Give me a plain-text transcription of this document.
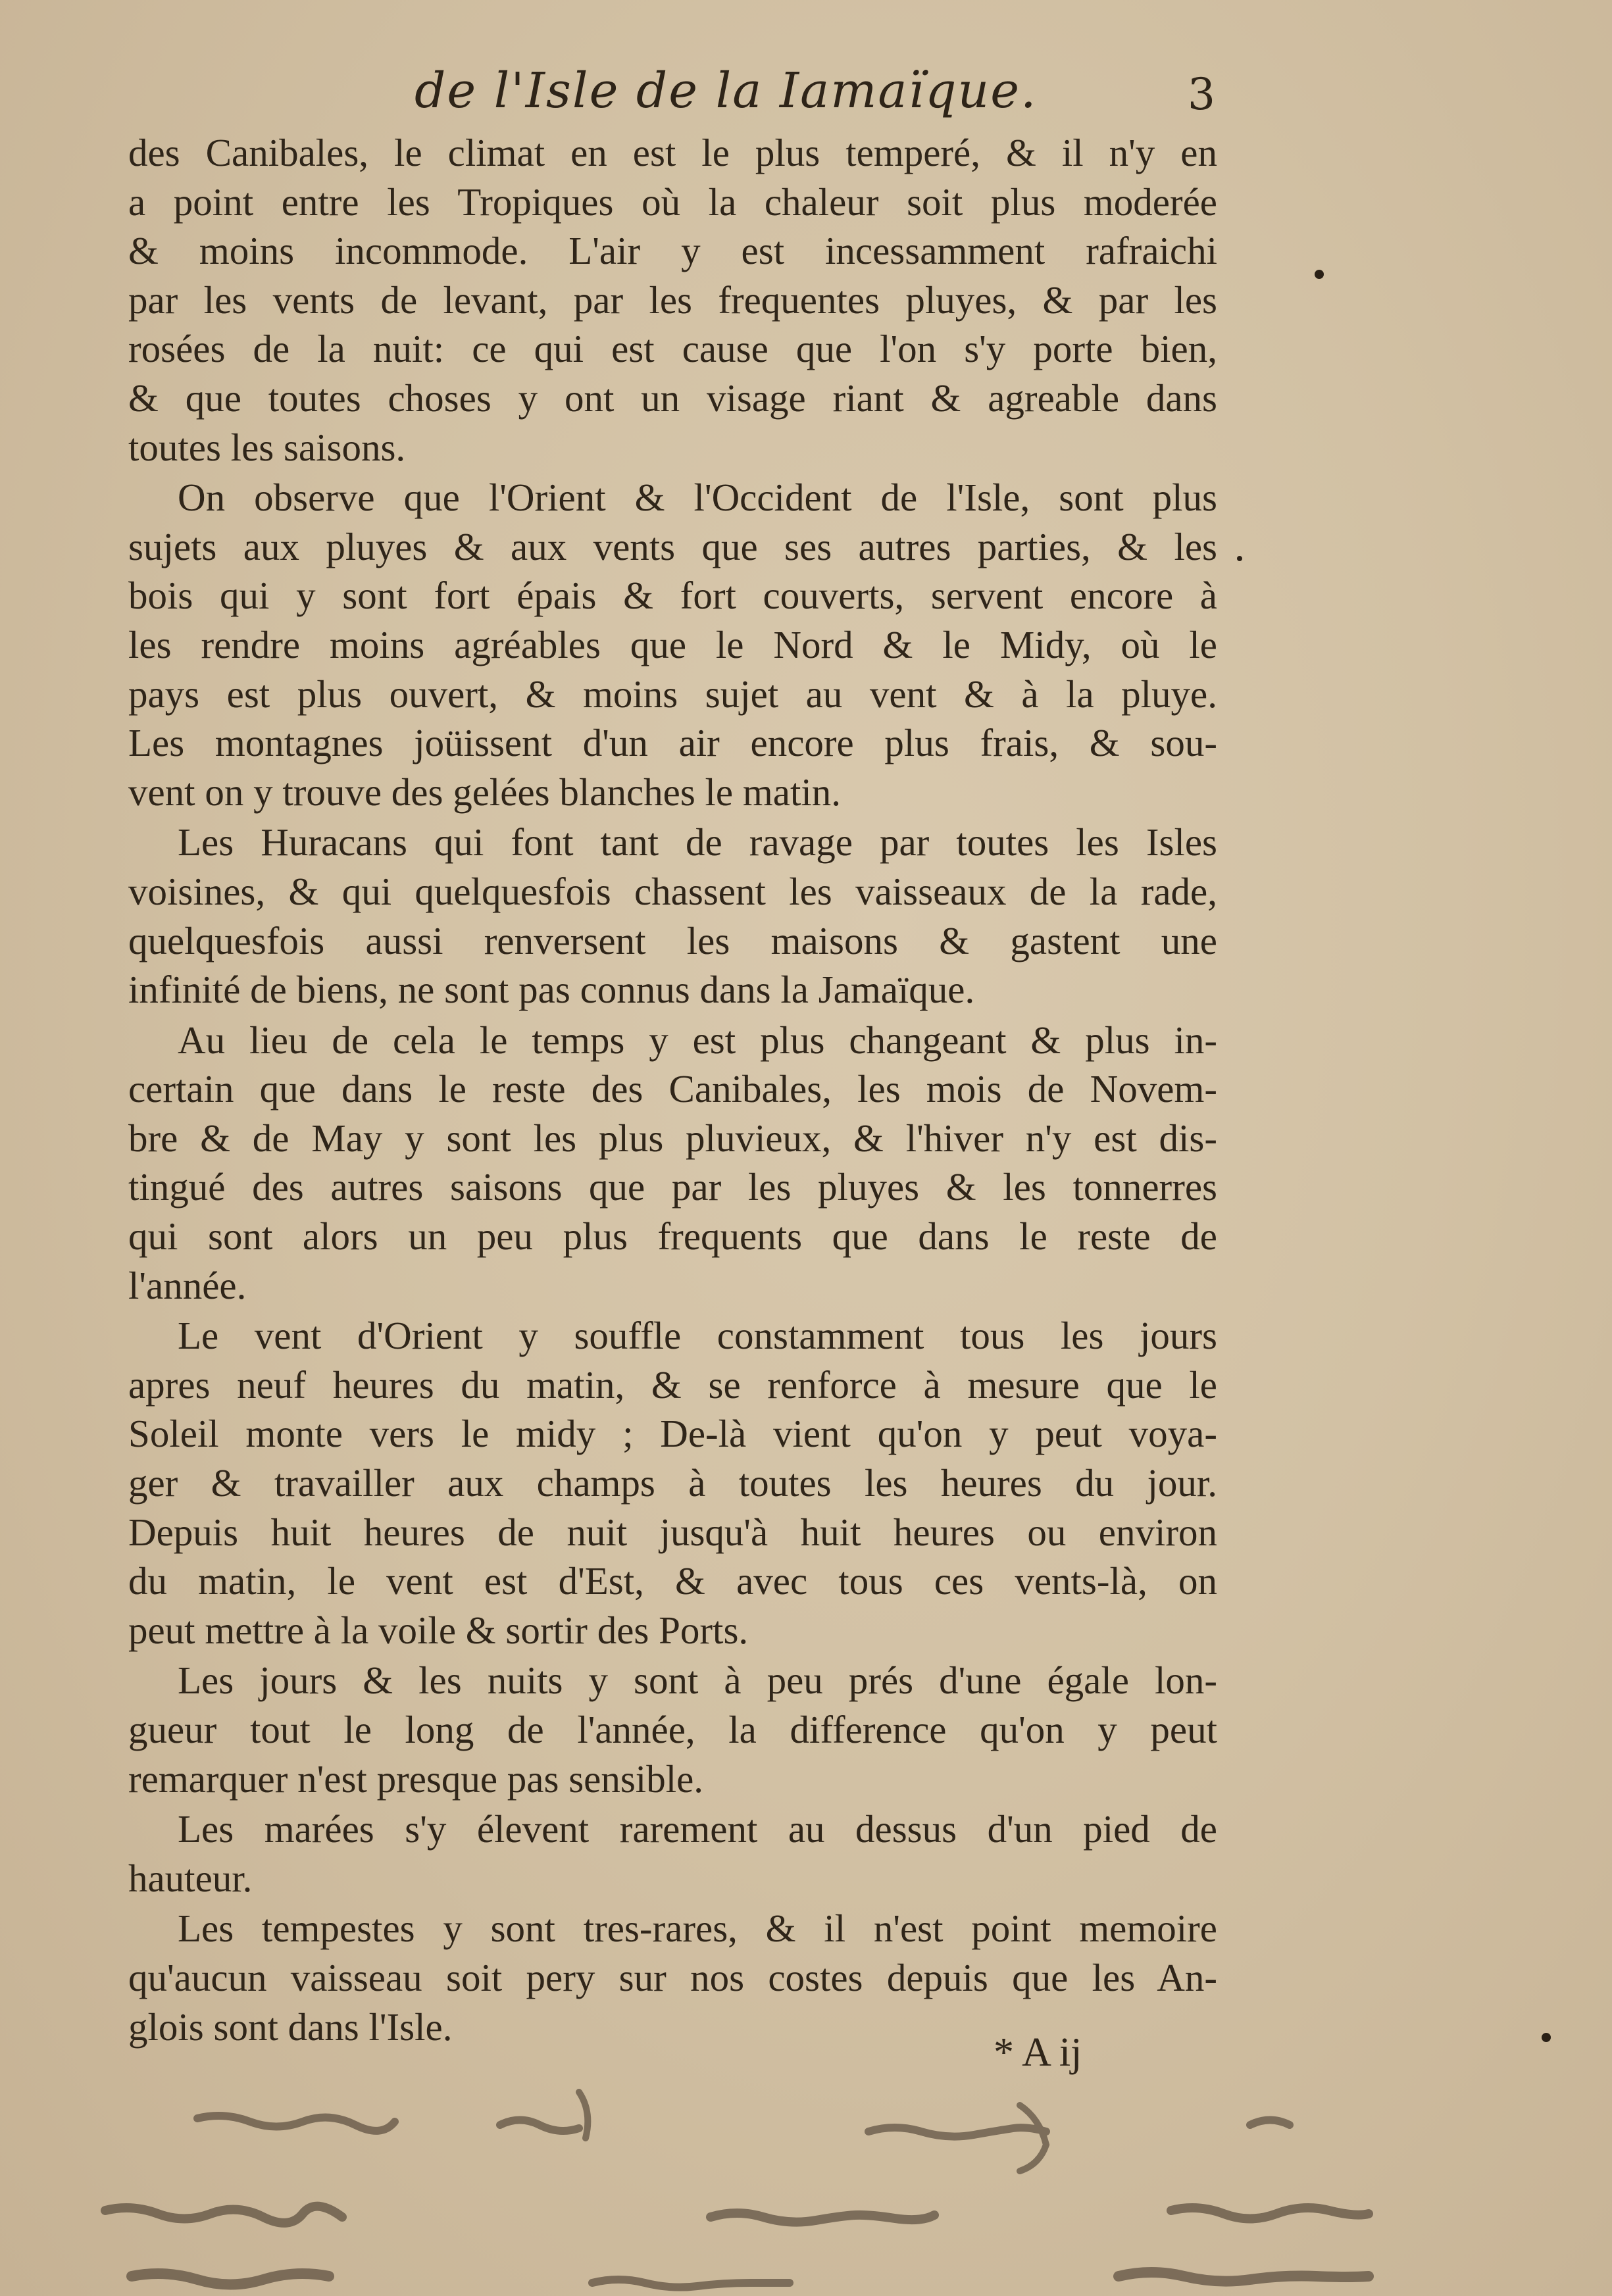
de l'Isle de la Iamaïque.	3
des Canibales, le climat en est le plus temperé, & il n'y en
a point entre les Tropiques où la chaleur soit plus moderée
& moins incommode. L'air y est incessamment rafraichi
par les vents de levant, par les frequentes pluyes, & par les
rosées de la nuit: ce qui est cause que l'on s'y porte bien,
& que toutes choses y ont un visage riant & agreable dans
toutes les saisons.
On observe que l'Orient & l'Occident de l'Isle, sont plus
sujets aux pluyes & aux vents que ses autres parties, & les
bois qui y sont fort épais & fort couverts, servent encore à
les rendre moins agréables que le Nord & le Midy, où le
pays est plus ouvert, & moins sujet au vent & à la pluye.
Les montagnes joüissent d'un air encore plus frais, & sou-
vent on y trouve des gelées blanches le matin.
Les Huracans qui font tant de ravage par toutes les Isles
voisines, & qui quelquesfois chassent les vaisseaux de la rade,
quelquesfois aussi renversent les maisons & gastent une
infinité de biens, ne sont pas connus dans la Jamaïque.
Au lieu de cela le temps y est plus changeant & plus in-
certain que dans le reste des Canibales, les mois de Novem-
bre & de May y sont les plus pluvieux, & l'hiver n'y est dis-
tingué des autres saisons que par les pluyes & les tonnerres
qui sont alors un peu plus frequents que dans le reste de
l'année.
Le vent d'Orient y souffle constamment tous les jours
apres neuf heures du matin, & se renforce à mesure que le
Soleil monte vers le midy ; De-là vient qu'on y peut voya-
ger & travailler aux champs à toutes les heures du jour.
Depuis huit heures de nuit jusqu'à huit heures ou environ
du matin, le vent est d'Est, & avec tous ces vents-là, on
peut mettre à la voile & sortir des Ports.
Les jours & les nuits y sont à peu prés d'une égale lon-
gueur tout le long de l'année, la difference qu'on y peut
remarquer n'est presque pas sensible.
Les marées s'y élevent rarement au dessus d'un pied de
hauteur.
Les tempestes y sont tres-rares, & il n'est point memoire
qu'aucun vaisseau soit pery sur nos costes depuis que les An-
glois sont dans l'Isle.
* A ij
